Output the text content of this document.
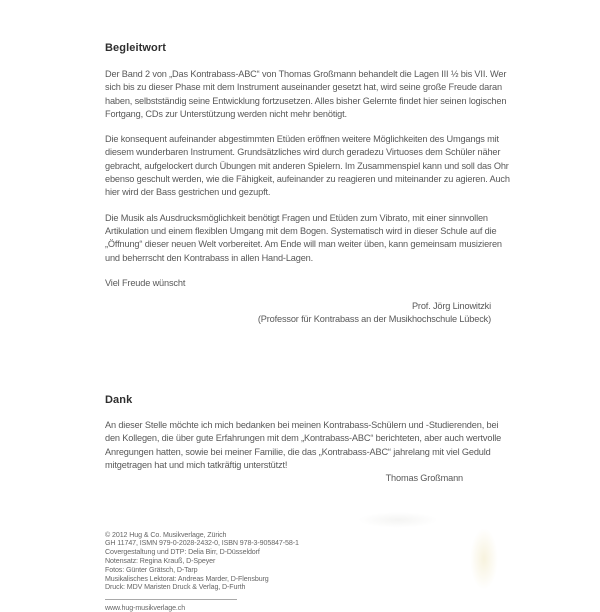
Begleitwort

Der Band 2 von „Das Kontrabass-ABC“ von Thomas Großmann behandelt die Lagen III ½ bis VII. Wer sich bis zu dieser Phase mit dem Instrument auseinander gesetzt hat, wird seine große Freude daran haben, selbstständig seine Entwicklung fortzusetzen. Alles bisher Gelernte findet hier seinen logischen Fortgang, CDs zur Unterstützung werden nicht mehr benötigt.

Die konsequent aufeinander abgestimmten Etüden eröffnen weitere Möglichkeiten des Umgangs mit diesem wunderbaren Instrument. Grundsätzliches wird durch geradezu Virtuoses dem Schüler näher gebracht, aufgelockert durch Übungen mit anderen Spielern. Im Zusammenspiel kann und soll das Ohr ebenso geschult werden, wie die Fähigkeit, aufeinander zu reagieren und miteinander zu agieren. Auch hier wird der Bass gestrichen und gezupft.

Die Musik als Ausdrucksmöglichkeit benötigt Fragen und Etüden zum Vibrato, mit einer sinnvollen Artikulation und einem flexiblen Umgang mit dem Bogen. Systematisch wird in dieser Schule auf die „Öffnung“ dieser neuen Welt vorbereitet. Am Ende will man weiter üben, kann gemeinsam musizieren und beherrscht den Kontrabass in allen Hand-Lagen.

Viel Freude wünscht

Prof. Jörg Linowitzki
(Professor für Kontrabass an der Musikhochschule Lübeck)
Dank

An dieser Stelle möchte ich mich bedanken bei meinen Kontrabass-Schülern und -Studierenden, bei den Kollegen, die über gute Erfahrungen mit dem „Kontrabass-ABC“ berichteten, aber auch wertvolle Anregungen hatten, sowie bei meiner Familie, die das „Kontrabass-ABC“ jahrelang mit viel Geduld mitgetragen hat und mich tatkräftig unterstützt!

Thomas Großmann
© 2012 Hug & Co. Musikverlage, Zürich
GH 11747, ISMN 979-0-2028-2432-0, ISBN 978-3-905847-58-1
Covergestaltung und DTP: Delia Birr, D-Düsseldorf
Notensatz: Regina Krauß, D-Speyer
Fotos: Günter Grätsch, D-Tarp
Musikalisches Lektorat: Andreas Marder, D-Flensburg
Druck: MDV Maristen Druck & Verlag, D-Furth
www.hug-musikverlage.ch
